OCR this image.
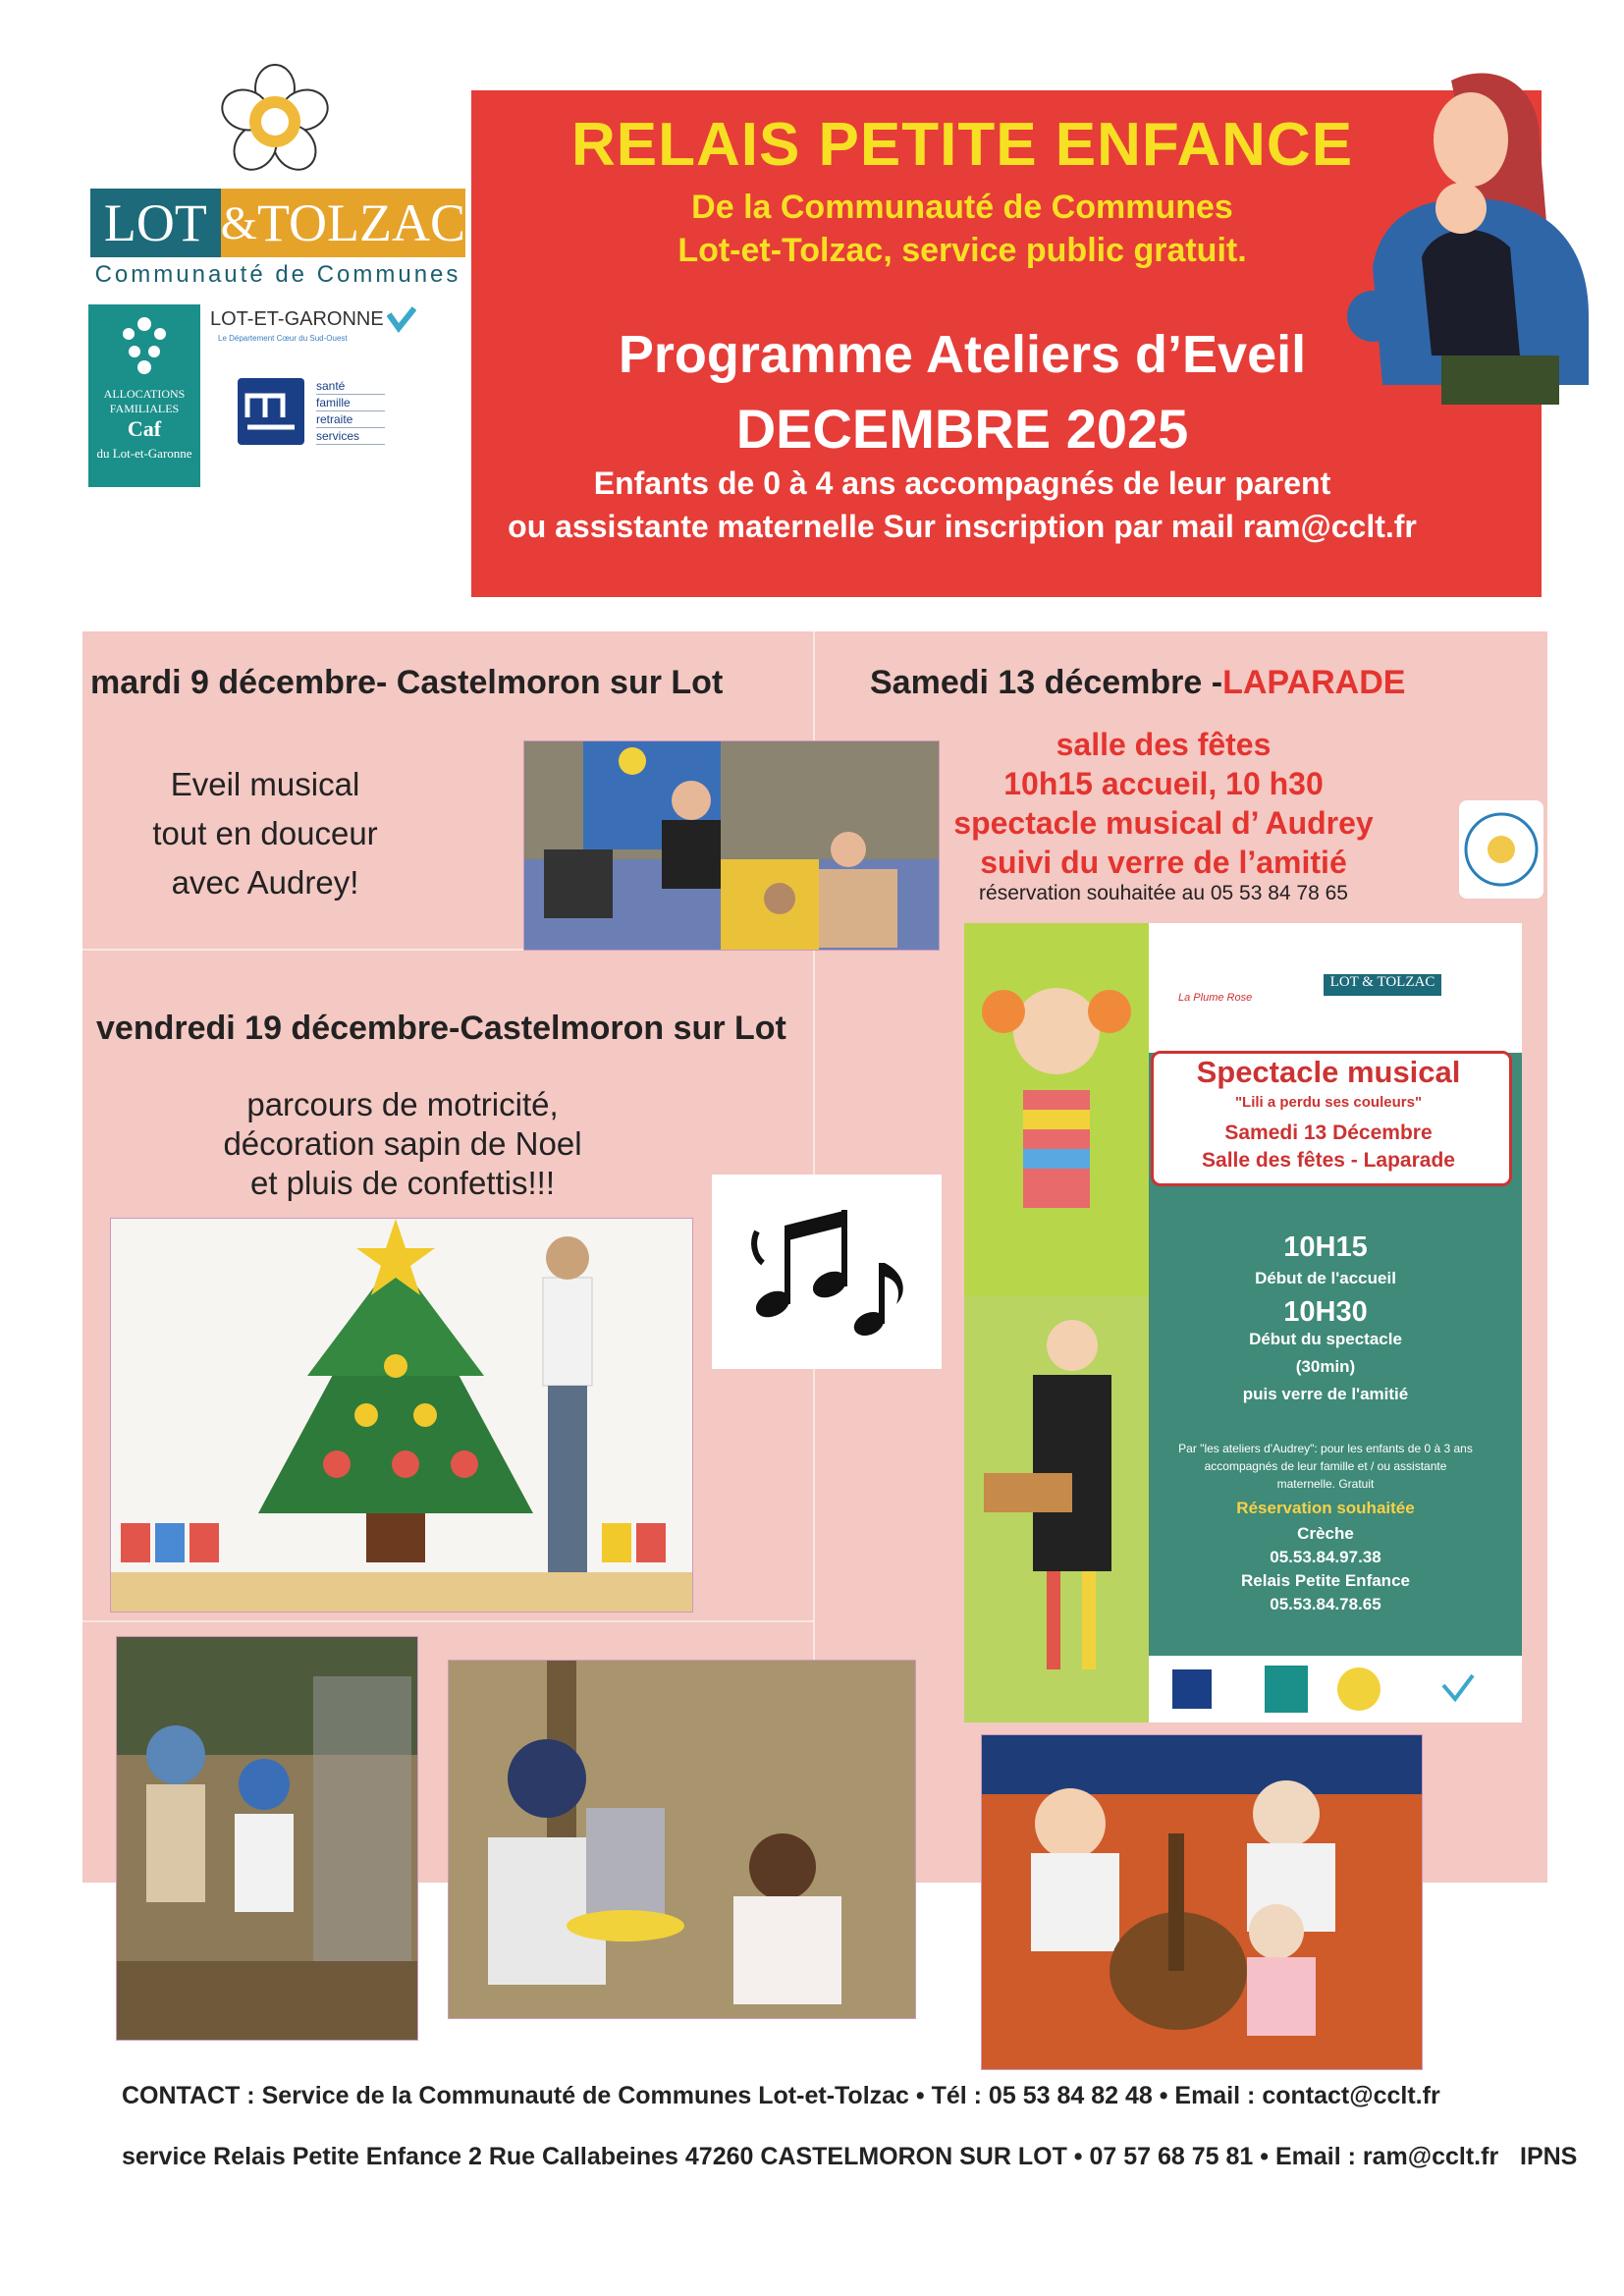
LOT & TOLZAC
Communauté de Communes
ALLOCATIONS FAMILIALES
Caf
du Lot-et-Garonne
LOT-ET-GARONNE
Le Département Cœur du Sud-Ouest
santé
famille
retraite
services
RELAIS PETITE ENFANCE
De la Communauté de Communes
Lot-et-Tolzac, service public gratuit.
Programme Ateliers d’Eveil
DECEMBRE 2025
Enfants de 0 à 4 ans accompagnés de leur parent
ou assistante maternelle Sur inscription par mail ram@cclt.fr
mardi 9 décembre- Castelmoron sur Lot
Eveil musical
tout en douceur
avec Audrey!
Samedi 13 décembre -LAPARADE
salle des fêtes
10h15 accueil, 10 h30
spectacle musical d’ Audrey
suivi du verre de l’amitié
réservation souhaitée au 05 53 84 78 65
vendredi 19 décembre-Castelmoron sur Lot
parcours de motricité,
décoration sapin de Noel
et pluis de confettis!!!
La Plume Rose
LOT & TOLZAC
Spectacle musical
"Lili a perdu ses couleurs"
Samedi 13 Décembre
Salle des fêtes - Laparade
10H15
Début de l'accueil
10H30
Début du spectacle
(30min)
puis verre de l'amitié
Par "les ateliers d'Audrey": pour les enfants de 0 à 3 ans
accompagnés de leur famille et / ou assistante
maternelle. Gratuit
Réservation souhaitée
Crèche
05.53.84.97.38
Relais Petite Enfance
05.53.84.78.65
CONTACT : Service de la Communauté de Communes Lot-et-Tolzac • Tél : 05 53 84 82 48 • Email : contact@cclt.fr
service Relais Petite Enfance 2 Rue Callabeines 47260 CASTELMORON SUR LOT • 07 57 68 75 81 • Email : ram@cclt.fr IPNS
